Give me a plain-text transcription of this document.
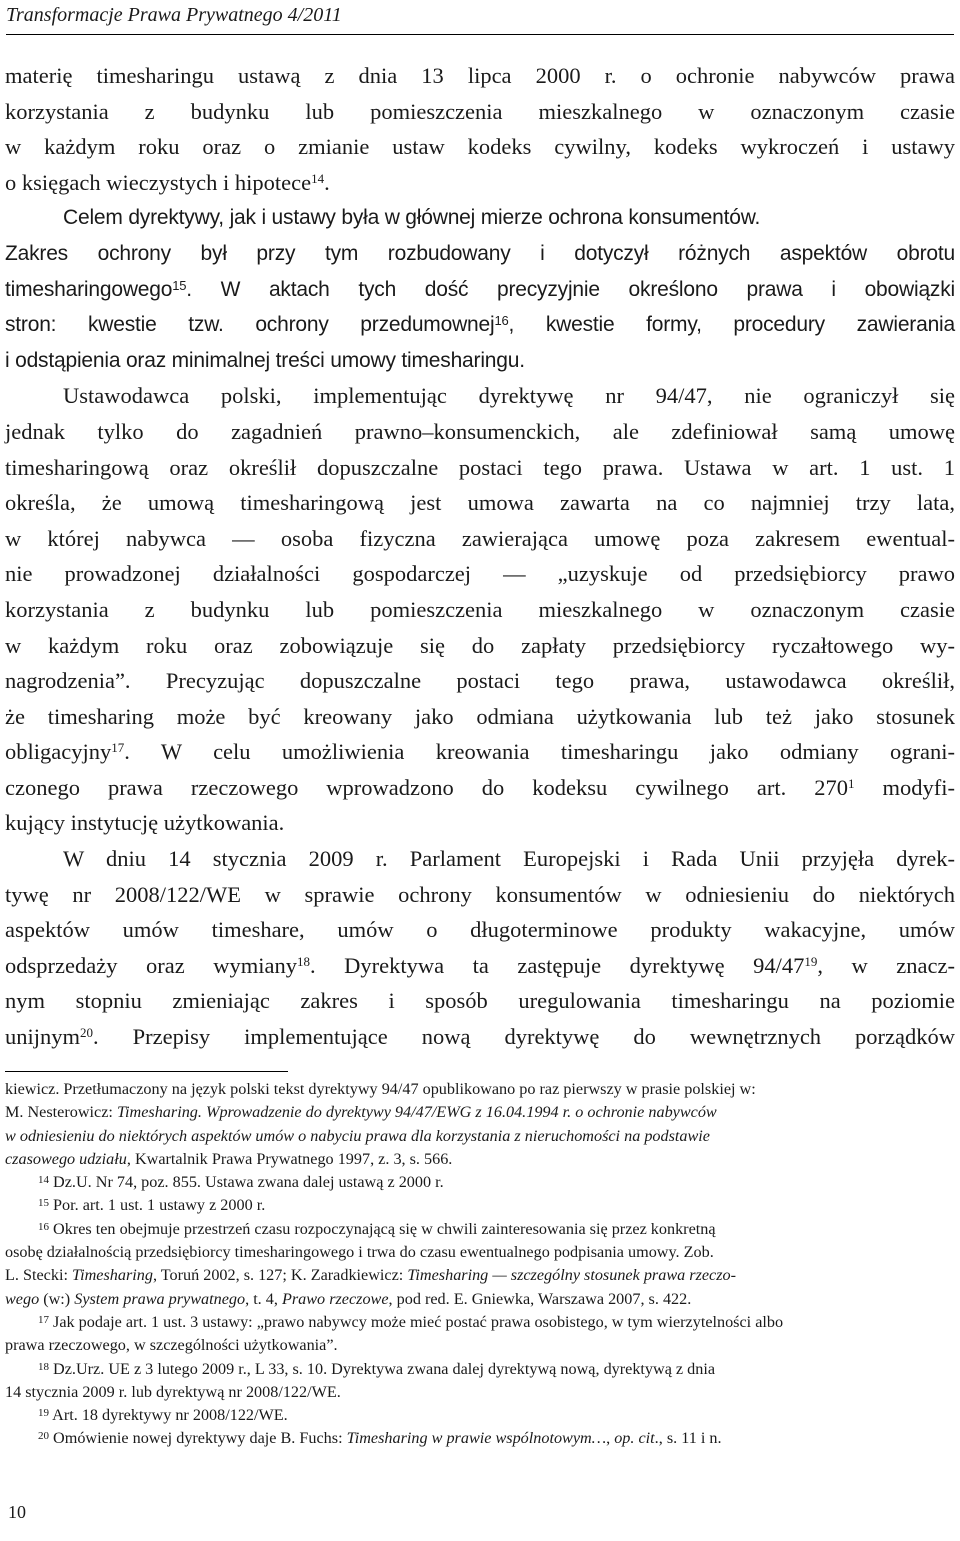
Transformacje Prawa Prywatnego 4/2011

materię timesharingu ustawą z dnia 13 lipca 2000 r. o ochronie nabywców prawa
korzystania z budynku lub pomieszczenia mieszkalnego w oznaczonym czasie
w każdym roku oraz o zmianie ustaw kodeks cywilny, kodeks wykroczeń i ustawy
o księgach wieczystych i hipotece$^{14}$.

Celem dyrektywy, jak i ustawy była w głównej mierze ochrona konsumentów.
Zakres ochrony był przy tym rozbudowany i dotyczył różnych aspektów obrotu
timesharingowego$^{15}$. W aktach tych dość precyzyjnie określono prawa i obowiązki
stron: kwestie tzw. ochrony przedumownej$^{16}$, kwestie formy, procedury zawierania
i odstąpienia oraz minimalnej treści umowy timesharingu.

Ustawodawca polski, implementując dyrektywę nr 94/47, nie ograniczył się
jednak tylko do zagadnień prawno–konsumenckich, ale zdefiniował samą umowę
timesharingową oraz określił dopuszczalne postaci tego prawa. Ustawa w art. 1 ust. 1
określa, że umową timesharingową jest umowa zawarta na co najmniej trzy lata,
w której nabywca — osoba fizyczna zawierająca umowę poza zakresem ewentual-
nie prowadzonej działalności gospodarczej — „uzyskuje od przedsiębiorcy prawo
korzystania z budynku lub pomieszczenia mieszkalnego w oznaczonym czasie
w każdym roku oraz zobowiązuje się do zapłaty przedsiębiorcy ryczałtowego wy-
nagrodzenia”. Precyzując dopuszczalne postaci tego prawa, ustawodawca określił,
że timesharing może być kreowany jako odmiana użytkowania lub też jako stosunek
obligacyjny$^{17}$. W celu umożliwienia kreowania timesharingu jako odmiany ograni-
czonego prawa rzeczowego wprowadzono do kodeksu cywilnego art. $270^1$ modyfi-
kujący instytucję użytkowania.

W dniu 14 stycznia 2009 r. Parlament Europejski i Rada Unii przyjęła dyrek-
tywę nr 2008/122/WE w sprawie ochrony konsumentów w odniesieniu do niektórych
aspektów umów timeshare, umów o długoterminowe produkty wakacyjne, umów
odsprzedaży oraz wymiany$^{18}$. Dyrektywa ta zastępuje dyrektywę $94/47^{19}$, w znacz-
nym stopniu zmieniając zakres i sposób uregulowania timesharingu na poziomie
unijnym$^{20}$. Przepisy implementujące nową dyrektywę do wewnętrznych porządków

kiewicz. Przetłumaczony na język polski tekst dyrektywy 94/47 opublikowano po raz pierwszy w prasie polskiej w:
M. Nesterowicz: Timesharing. Wprowadzenie do dyrektywy 94/47/EWG z 16.04.1994 r. o ochronie nabywców
w odniesieniu do niektórych aspektów umów o nabyciu prawa dla korzystania z nieruchomości na podstawie
czasowego udziału, Kwartalnik Prawa Prywatnego 1997, z. 3, s. 566.
$^{14}$ Dz.U. Nr 74, poz. 855. Ustawa zwana dalej ustawą z 2000 r.
$^{15}$ Por. art. 1 ust. 1 ustawy z 2000 r.
$^{16}$ Okres ten obejmuje przestrzeń czasu rozpoczynającą się w chwili zainteresowania się przez konkretną
osobę działalnością przedsiębiorcy timesharingowego i trwa do czasu ewentualnego podpisania umowy. Zob.
L. Stecki: Timesharing, Toruń 2002, s. 127; K. Zaradkiewicz: Timesharing — szczególny stosunek prawa rzeczo-
wego (w:) System prawa prywatnego, t. 4, Prawo rzeczowe, pod red. E. Gniewka, Warszawa 2007, s. 422.
$^{17}$ Jak podaje art. 1 ust. 3 ustawy: „prawo nabywcy może mieć postać prawa osobistego, w tym wierzytelności albo
prawa rzeczowego, w szczególności użytkowania”.
$^{18}$ Dz.Urz. UE z 3 lutego 2009 r., L 33, s. 10. Dyrektywa zwana dalej dyrektywą nową, dyrektywą z dnia
14 stycznia 2009 r. lub dyrektywą nr 2008/122/WE.
$^{19}$ Art. 18 dyrektywy nr 2008/122/WE.
$^{20}$ Omówienie nowej dyrektywy daje B. Fuchs: Timesharing w prawie wspólnotowym…, op. cit., s. 11 i n.
10
